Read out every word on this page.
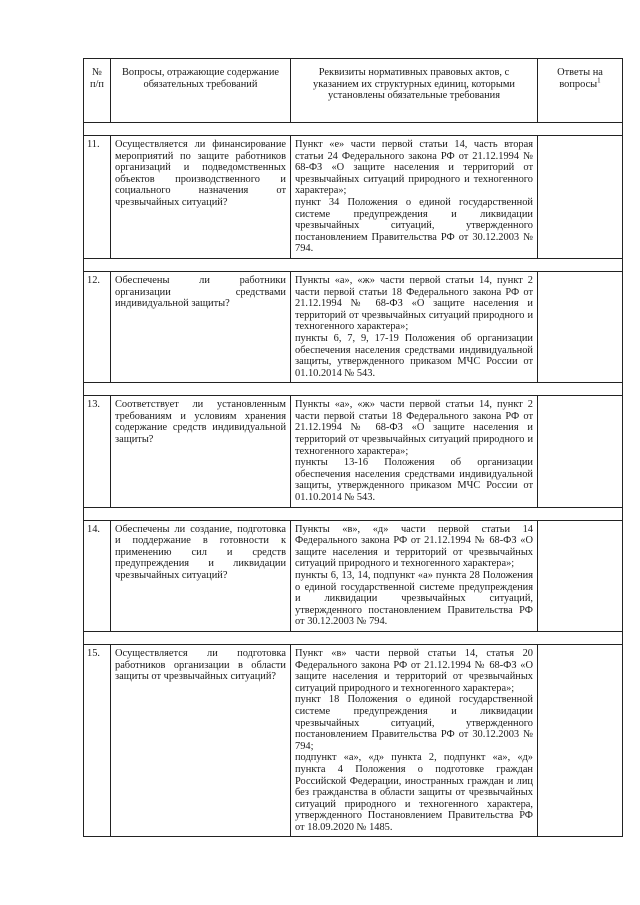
№ п/п	Вопросы, отражающие содержание обязательных требований	Реквизиты нормативных правовых актов, с указанием их структурных единиц, которыми установлены обязательные требования	Ответы на вопросы$^1$

11.	Осуществляется ли финансирование мероприятий по защите работников организаций и подведомственных объектов производственного и социального назначения от чрезвычайных ситуаций?	Пункт «е» части первой статьи 14, часть вторая статьи 24 Федерального закона РФ от 21.12.1994 № 68-ФЗ «О защите населения и территорий от чрезвычайных ситуаций природного и техногенного характера»;
пункт 34 Положения о единой государственной системе предупреждения и ликвидации чрезвычайных ситуаций, утвержденного постановлением Правительства РФ от 30.12.2003 № 794.	

12.	Обеспечены ли работники организации средствами индивидуальной защиты?	Пункты «а», «ж» части первой статьи 14, пункт 2 части первой статьи 18 Федерального закона РФ от 21.12.1994 № 68-ФЗ «О защите населения и территорий от чрезвычайных ситуаций природного и техногенного характера»;
пункты 6, 7, 9, 17-19 Положения об организации обеспечения населения средствами индивидуальной защиты, утвержденного приказом МЧС России от 01.10.2014 № 543.	

13.	Соответствует ли установленным требованиям и условиям хранения содержание средств индивидуальной защиты?	Пункты «а», «ж» части первой статьи 14, пункт 2 части первой статьи 18 Федерального закона РФ от 21.12.1994 № 68-ФЗ «О защите населения и территорий от чрезвычайных ситуаций природного и техногенного характера»;
пункты 13-16 Положения об организации обеспечения населения средствами индивидуальной защиты, утвержденного приказом МЧС России от 01.10.2014 № 543.	

14.	Обеспечены ли создание, подготовка и поддержание в готовности к применению сил и средств предупреждения и ликвидации чрезвычайных ситуаций?	Пункты «в», «д» части первой статьи 14 Федерального закона РФ от 21.12.1994 № 68-ФЗ «О защите населения и территорий от чрезвычайных ситуаций природного и техногенного характера»;
пункты 6, 13, 14, подпункт «а» пункта 28 Положения о единой государственной системе предупреждения и ликвидации чрезвычайных ситуаций, утвержденного постановлением Правительства РФ от 30.12.2003 № 794.	

15.	Осуществляется ли подготовка работников организации в области защиты от чрезвычайных ситуаций?	Пункт «в» части первой статьи 14, статья 20 Федерального закона РФ от 21.12.1994 № 68-ФЗ «О защите населения и территорий от чрезвычайных ситуаций природного и техногенного характера»;
пункт 18 Положения о единой государственной системе предупреждения и ликвидации чрезвычайных ситуаций, утвержденного постановлением Правительства РФ от 30.12.2003 № 794;
подпункт «а», «д» пункта 2, подпункт «а», «д» пункта 4 Положения о подготовке граждан Российской Федерации, иностранных граждан и лиц без гражданства в области защиты от чрезвычайных ситуаций природного и техногенного характера, утвержденного Постановлением Правительства РФ от 18.09.2020 № 1485.	
